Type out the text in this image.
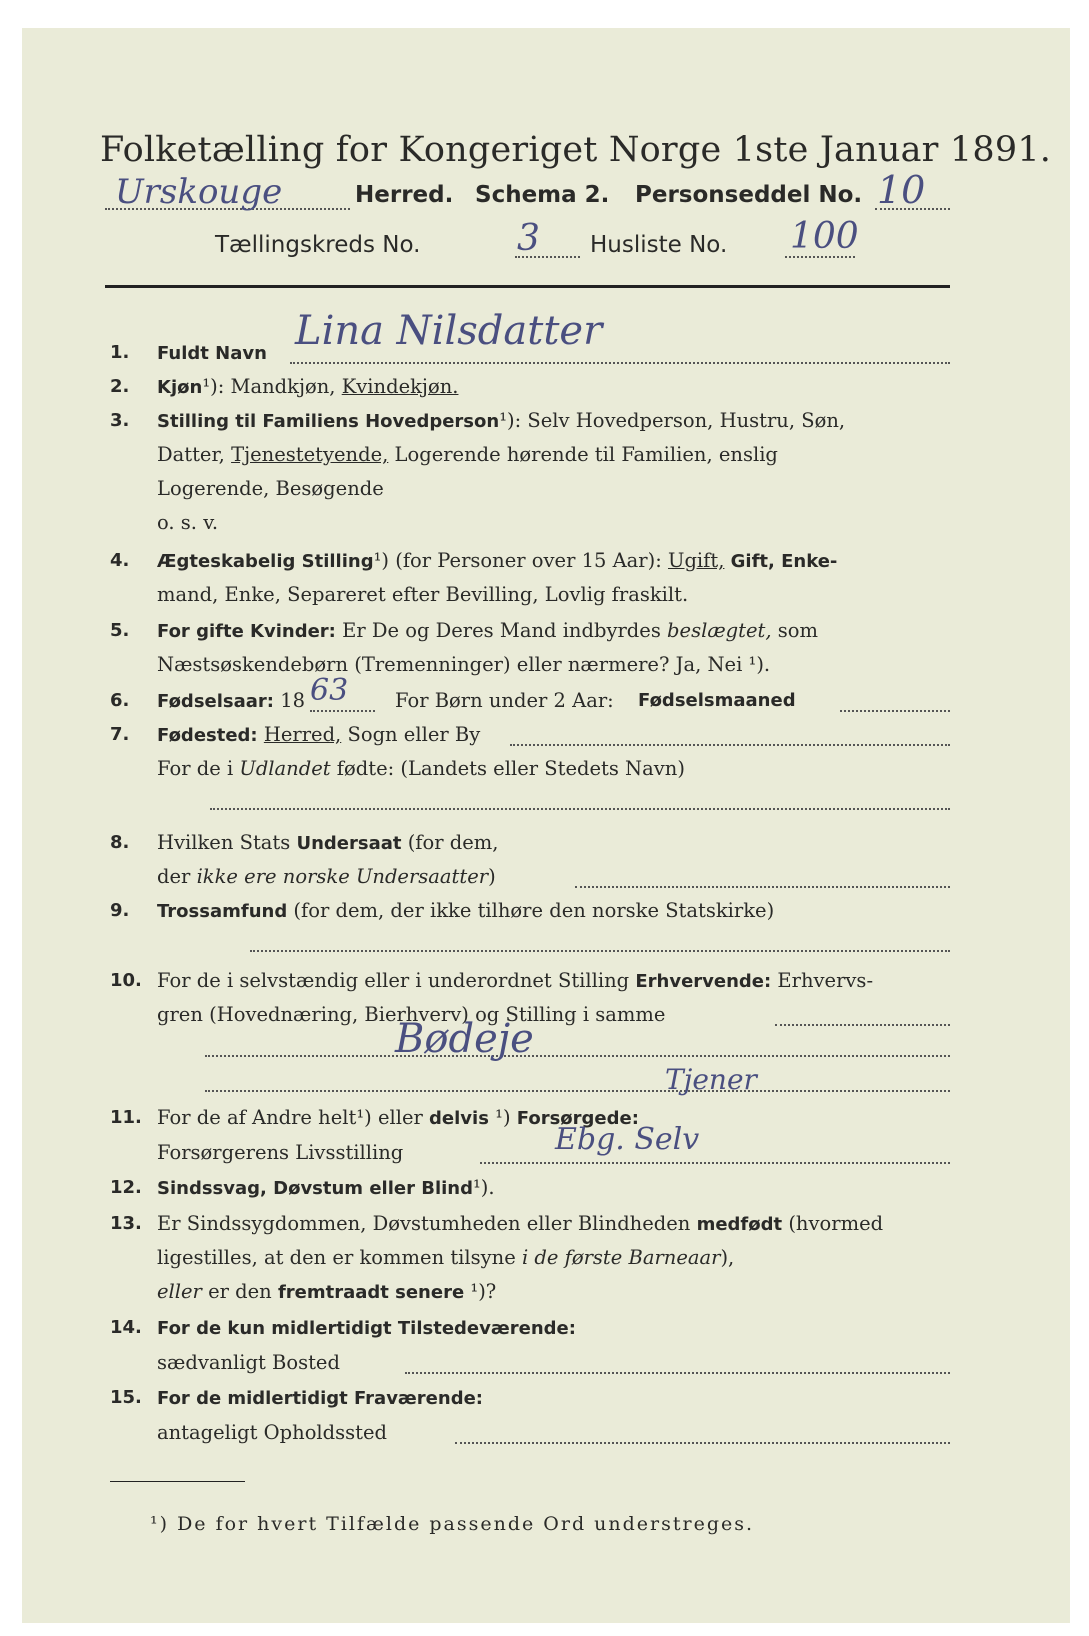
Folketælling for Kongeriget Norge 1ste Januar 1891.
Urskouge	Herred. Schema 2. Personseddel No. 10
Tællingskreds No.	3 Husliste No. 100
1.	Fuldt Navn Lina Nilsdatter
2.	Kjøn¹): Mandkjøn, Kvindekjøn.
3.	Stilling til Familiens Hovedperson¹): Selv Hovedperson, Hustru, Søn,
Datter, Tjenestetyende, Logerende hørende til Familien, enslig
Logerende, Besøgende
o. s. v.
4.	Ægteskabelig Stilling¹) (for Personer over 15 Aar): Ugift, Gift, Enke-
mand, Enke, Separeret efter Bevilling, Lovlig fraskilt.
5.	For gifte Kvinder: Er De og Deres Mand indbyrdes beslægtet, som
Næstsøskendebørn (Tremenninger) eller nærmere? Ja, Nei ¹).
6.	Fødselsaar: 18 63 For Børn under 2 Aar: Fødselsmaaned
7.	Fødested: Herred, Sogn eller By
For de i Udlandet fødte: (Landets eller Stedets Navn)
8.	Hvilken Stats Undersaat (for dem,
der ikke ere norske Undersaatter)
9.	Trossamfund (for dem, der ikke tilhøre den norske Statskirke)
10. For de i selvstændig eller i underordnet Stilling Erhvervende: Erhvervs-
gren (Hovednæring, Bierhverv) og Stilling i samme
Bødeje
Tjener
11. For de af Andre helt¹) eller delvis ¹) Forsørgede:
Forsørgerens Livsstilling	Ebg. Selv
12. Sindssvag, Døvstum eller Blind¹).
13. Er Sindssygdommen, Døvstumheden eller Blindheden medfødt (hvormed
ligestilles, at den er kommen tilsyne i de første Barneaar),
eller er den fremtraadt senere ¹)?
14. For de kun midlertidigt Tilstedeværende:
sædvanligt Bosted
15. For de midlertidigt Fraværende:
antageligt Opholdssted
¹) De for hvert Tilfælde passende Ord understreges.
